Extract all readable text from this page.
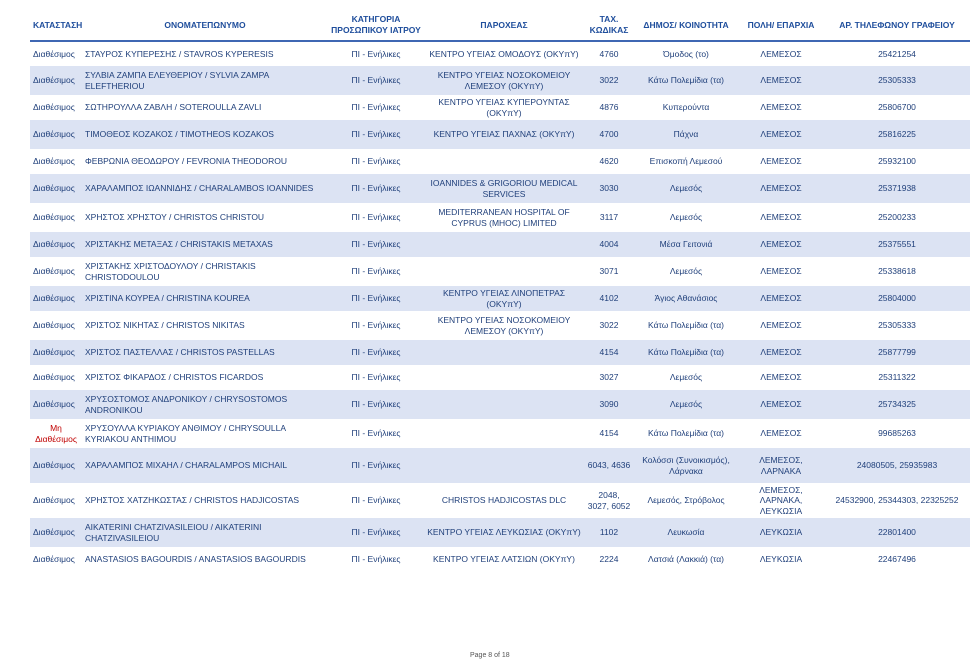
ΚΑΤΑΣΤΑΣΗ	ΟΝΟΜΑΤΕΠΩΝΥΜΟ	ΚΑΤΗΓΟΡΙΑ ΠΡΟΣΩΠΙΚΟΥ ΙΑΤΡΟΥ	ΠΑΡΟΧΕΑΣ	ΤΑΧ. ΚΩΔΙΚΑΣ	ΔΗΜΟΣ/ ΚΟΙΝΟΤΗΤΑ	ΠΟΛΗ/ ΕΠΑΡΧΙΑ	ΑΡ. ΤΗΛΕΦΩΝΟΥ ΓΡΑΦΕΙΟΥ
Διαθέσιμος	ΣΤΑΥΡΟΣ ΚΥΠΕΡΕΣΗΣ / STAVROS KYPERESIS	ΠΙ - Ενήλικες	ΚΕΝΤΡΟ ΥΓΕΙΑΣ ΟΜΟΔΟΥΣ (ΟΚΥπΥ)	4760	Όμοδος (το)	ΛΕΜΕΣΟΣ	25421254
Διαθέσιμος	ΣΥΛΒΙΑ ΖΑΜΠΑ ΕΛΕΥΘΕΡΙΟΥ / SYLVIA ZAMPA ELEFTHERIOU	ΠΙ - Ενήλικες	ΚΕΝΤΡΟ ΥΓΕΙΑΣ ΝΟΣΟΚΟΜΕΙΟΥ ΛΕΜΕΣΟΥ (ΟΚΥπΥ)	3022	Κάτω Πολεμίδια (τα)	ΛΕΜΕΣΟΣ	25305333
Διαθέσιμος	ΣΩΤΗΡΟΥΛΛΑ ΖΑΒΛΗ / SOTEROULLA ZAVLI	ΠΙ - Ενήλικες	ΚΕΝΤΡΟ ΥΓΕΙΑΣ ΚΥΠΕΡΟΥΝΤΑΣ (ΟΚΥπΥ)	4876	Κυπερούντα	ΛΕΜΕΣΟΣ	25806700
Διαθέσιμος	ΤΙΜΟΘΕΟΣ ΚΟΖΑΚΟΣ / TIMOTHEOS KOZAKOS	ΠΙ - Ενήλικες	ΚΕΝΤΡΟ ΥΓΕΙΑΣ ΠΑΧΝΑΣ (ΟΚΥπΥ)	4700	Πάχνα	ΛΕΜΕΣΟΣ	25816225
Διαθέσιμος	ΦΕΒΡΩΝΙΑ ΘΕΟΔΩΡΟΥ / FEVRONIA THEODOROU	ΠΙ - Ενήλικες		4620	Επισκοπή Λεμεσού	ΛΕΜΕΣΟΣ	25932100
Διαθέσιμος	ΧΑΡΑΛΑΜΠΟΣ ΙΩΑΝΝΙΔΗΣ / CHARALAMBOS IOANNIDES	ΠΙ - Ενήλικες	IOANNIDES & GRIGORIOU MEDICAL SERVICES	3030	Λεμεσός	ΛΕΜΕΣΟΣ	25371938
Διαθέσιμος	ΧΡΗΣΤΟΣ ΧΡΗΣΤΟΥ / CHRISTOS CHRISTOU	ΠΙ - Ενήλικες	MEDITERRANEAN HOSPITAL OF CYPRUS (MHOC) LIMITED	3117	Λεμεσός	ΛΕΜΕΣΟΣ	25200233
Διαθέσιμος	ΧΡΙΣΤΑΚΗΣ ΜΕΤΑΞΑΣ / CHRISTAKIS METAXAS	ΠΙ - Ενήλικες		4004	Μέσα Γειτονιά	ΛΕΜΕΣΟΣ	25375551
Διαθέσιμος	ΧΡΙΣΤΑΚΗΣ ΧΡΙΣΤΟΔΟΥΛΟΥ / CHRISTAKIS CHRISTODOULOU	ΠΙ - Ενήλικες		3071	Λεμεσός	ΛΕΜΕΣΟΣ	25338618
Διαθέσιμος	ΧΡΙΣΤΙΝΑ ΚΟΥΡΕΑ / CHRISTINA KOUREA	ΠΙ - Ενήλικες	ΚΕΝΤΡΟ ΥΓΕΙΑΣ ΛΙΝΟΠΕΤΡΑΣ (ΟΚΥπΥ)	4102	Άγιος Αθανάσιος	ΛΕΜΕΣΟΣ	25804000
Διαθέσιμος	ΧΡΙΣΤΟΣ ΝΙΚΗΤΑΣ / CHRISTOS NIKITAS	ΠΙ - Ενήλικες	ΚΕΝΤΡΟ ΥΓΕΙΑΣ ΝΟΣΟΚΟΜΕΙΟΥ ΛΕΜΕΣΟΥ (ΟΚΥπΥ)	3022	Κάτω Πολεμίδια (τα)	ΛΕΜΕΣΟΣ	25305333
Διαθέσιμος	ΧΡΙΣΤΟΣ ΠΑΣΤΕΛΛΑΣ / CHRISTOS PASTELLAS	ΠΙ - Ενήλικες		4154	Κάτω Πολεμίδια (τα)	ΛΕΜΕΣΟΣ	25877799
Διαθέσιμος	ΧΡΙΣΤΟΣ ΦΙΚΑΡΔΟΣ / CHRISTOS FICARDOS	ΠΙ - Ενήλικες		3027	Λεμεσός	ΛΕΜΕΣΟΣ	25311322
Διαθέσιμος	ΧΡΥΣΟΣΤΟΜΟΣ ΑΝΔΡΟΝΙΚΟΥ / CHRYSOSTOMOS ANDRONIKOU	ΠΙ - Ενήλικες		3090	Λεμεσός	ΛΕΜΕΣΟΣ	25734325
Μη Διαθέσιμος	ΧΡΥΣΟΥΛΛΑ ΚΥΡΙΑΚΟΥ ΑΝΘΙΜΟΥ / CHRYSOULLA KYRIAKOU ANTHIMOU	ΠΙ - Ενήλικες		4154	Κάτω Πολεμίδια (τα)	ΛΕΜΕΣΟΣ	99685263
Διαθέσιμος	ΧΑΡΑΛΑΜΠΟΣ ΜΙΧΑΗΛ / CHARALAMPOS MICHAIL	ΠΙ - Ενήλικες		6043, 4636	Κολόσσι (Συνοικισμός), Λάρνακα	ΛΕΜΕΣΟΣ, ΛΑΡΝΑΚΑ	24080505, 25935983
Διαθέσιμος	ΧΡΗΣΤΟΣ ΧΑΤΖΗΚΩΣΤΑΣ / CHRISTOS HADJICOSTAS	ΠΙ - Ενήλικες	CHRISTOS HADJICOSTAS DLC	2048, 3027, 6052	Λεμεσός, Στρόβολος	ΛΕΜΕΣΟΣ, ΛΑΡΝΑΚΑ, ΛΕΥΚΩΣΙΑ	24532900, 25344303, 22325252
Διαθέσιμος	AIKATERINI CHATZIVASILEIOU / AIKATERINI CHATZIVASILEIOU	ΠΙ - Ενήλικες	ΚΕΝΤΡΟ ΥΓΕΙΑΣ ΛΕΥΚΩΣΙΑΣ (ΟΚΥπΥ)	1102	Λευκωσία	ΛΕΥΚΩΣΙΑ	22801400
Διαθέσιμος	ANASTASIOS BAGOURDIS / ANASTASIOS BAGOURDIS	ΠΙ - Ενήλικες	ΚΕΝΤΡΟ ΥΓΕΙΑΣ ΛΑΤΣΙΩΝ (ΟΚΥπΥ)	2224	Λατσιά (Λακκιά) (τα)	ΛΕΥΚΩΣΙΑ	22467496
Page 8 of 18
